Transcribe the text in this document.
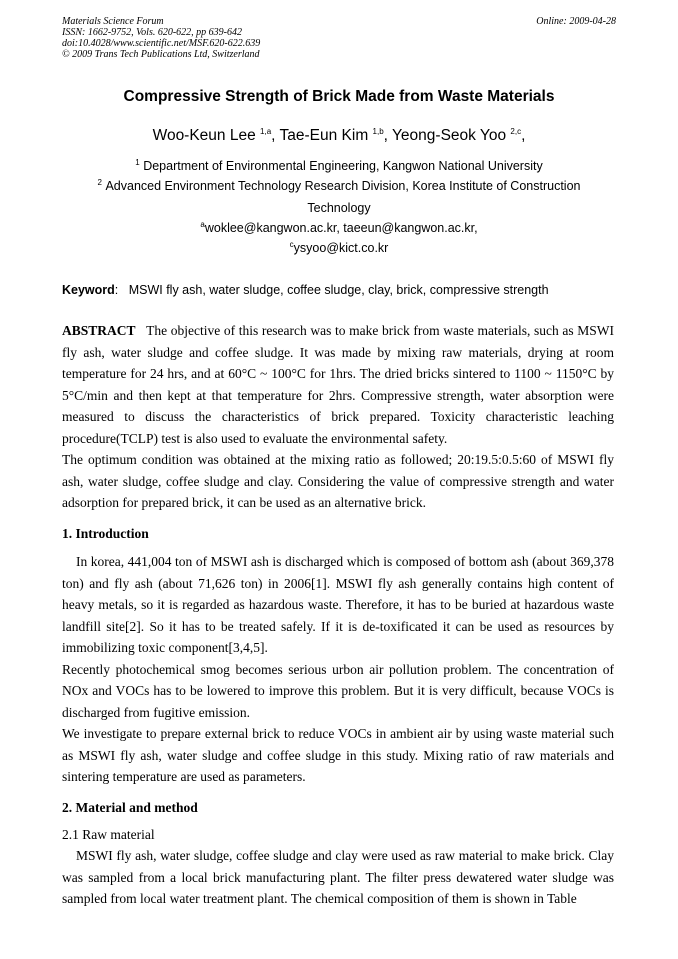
Materials Science Forum
ISSN: 1662-9752, Vols. 620-622, pp 639-642
doi:10.4028/www.scientific.net/MSF.620-622.639
© 2009 Trans Tech Publications Ltd, Switzerland
Online: 2009-04-28
Compressive Strength of Brick Made from Waste Materials
Woo-Keun Lee $^{1,a}$, Tae-Eun Kim $^{1,b}$, Yeong-Seok Yoo $^{2,c}$,
$^1$ Department of Environmental Engineering, Kangwon National University
$^2$ Advanced Environment Technology Research Division, Korea Institute of Construction
Technology
$^a$woklee@kangwon.ac.kr, taeeun@kangwon.ac.kr,
$^c$ysyoo@kict.co.kr
Keyword:   MSWI fly ash, water sludge, coffee sludge, clay, brick, compressive strength

ABSTRACT The objective of this research was to make brick from waste materials, such as MSWI fly ash, water sludge and coffee sludge. It was made by mixing raw materials, drying at room temperature for 24 hrs, and at 60°C ~ 100°C for 1hrs. The dried bricks sintered to 1100 ~ 1150°C by 5°C/min and then kept at that temperature for 2hrs. Compressive strength, water absorption were measured to discuss the characteristics of brick prepared. Toxicity characteristic leaching procedure(TCLP) test is also used to evaluate the environmental safety.

The optimum condition was obtained at the mixing ratio as followed; 20:19.5:0.5:60 of MSWI fly ash, water sludge, coffee sludge and clay. Considering the value of compressive strength and water adsorption for prepared brick, it can be used as an alternative brick.

1. Introduction

In korea, 441,004 ton of MSWI ash is discharged which is composed of bottom ash (about 369,378 ton) and fly ash (about 71,626 ton) in 2006[1]. MSWI fly ash generally contains high content of heavy metals, so it is regarded as hazardous waste. Therefore, it has to be buried at hazardous waste landfill site[2]. So it has to be treated safely. If it is de-toxificated it can be used as resources by immobilizing toxic component[3,4,5].

Recently photochemical smog becomes serious urbon air pollution problem. The concentration of NOx and VOCs has to be lowered to improve this problem. But it is very difficult, because VOCs is discharged from fugitive emission.

We investigate to prepare external brick to reduce VOCs in ambient air by using waste material such as MSWI fly ash, water sludge and coffee sludge in this study. Mixing ratio of raw materials and sintering temperature are used as parameters.

2. Material and method
2.1 Raw material

MSWI fly ash, water sludge, coffee sludge and clay were used as raw material to make brick. Clay was sampled from a local brick manufacturing plant. The filter press dewatered water sludge was sampled from local water treatment plant. The chemical composition of them is shown in Table
